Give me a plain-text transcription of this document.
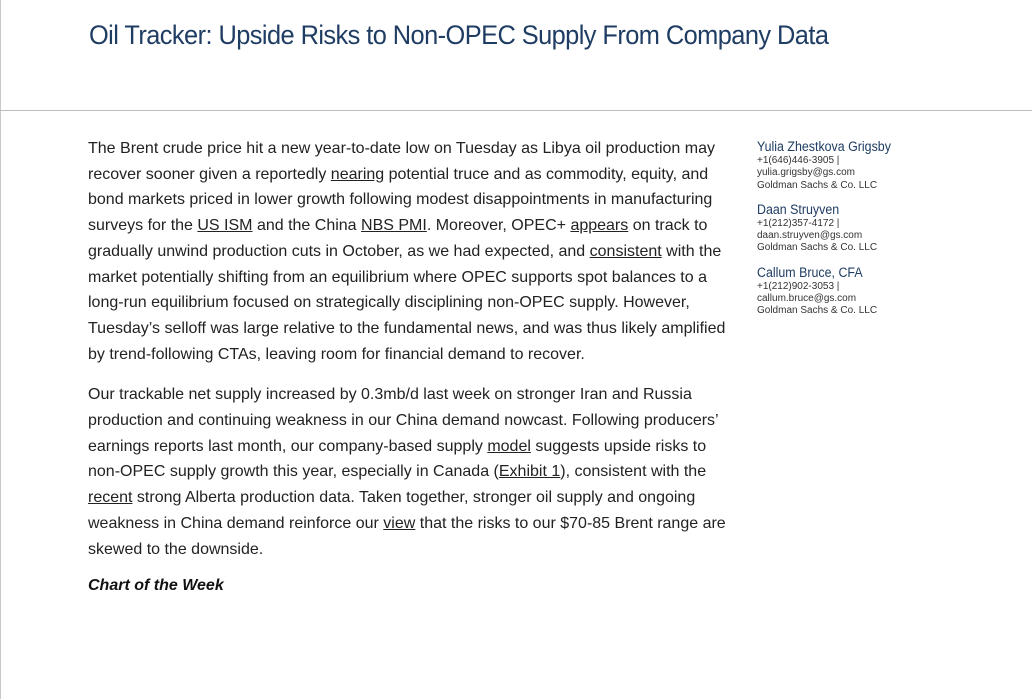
Oil Tracker: Upside Risks to Non-OPEC Supply From Company Data

The Brent crude price hit a new year-to-date low on Tuesday as Libya oil production may recover sooner given a reportedly nearing potential truce and as commodity, equity, and bond markets priced in lower growth following modest disappointments in manufacturing surveys for the US ISM and the China NBS PMI. Moreover, OPEC+ appears on track to gradually unwind production cuts in October, as we had expected, and consistent with the market potentially shifting from an equilibrium where OPEC supports spot balances to a long-run equilibrium focused on strategically disciplining non-OPEC supply. However, Tuesday’s selloff was large relative to the fundamental news, and was thus likely amplified by trend-following CTAs, leaving room for financial demand to recover.

Our trackable net supply increased by 0.3mb/d last week on stronger Iran and Russia production and continuing weakness in our China demand nowcast. Following producers’ earnings reports last month, our company-based supply model suggests upside risks to non-OPEC supply growth this year, especially in Canada (Exhibit 1), consistent with the recent strong Alberta production data. Taken together, stronger oil supply and ongoing weakness in China demand reinforce our view that the risks to our $70-85 Brent range are skewed to the downside.

Chart of the Week
Yulia Zhestkova Grigsby
+1(646)446-3905 |
yulia.grigsby@gs.com
Goldman Sachs & Co. LLC
Daan Struyven
+1(212)357-4172 |
daan.struyven@gs.com
Goldman Sachs & Co. LLC
Callum Bruce, CFA
+1(212)902-3053 |
callum.bruce@gs.com
Goldman Sachs & Co. LLC
